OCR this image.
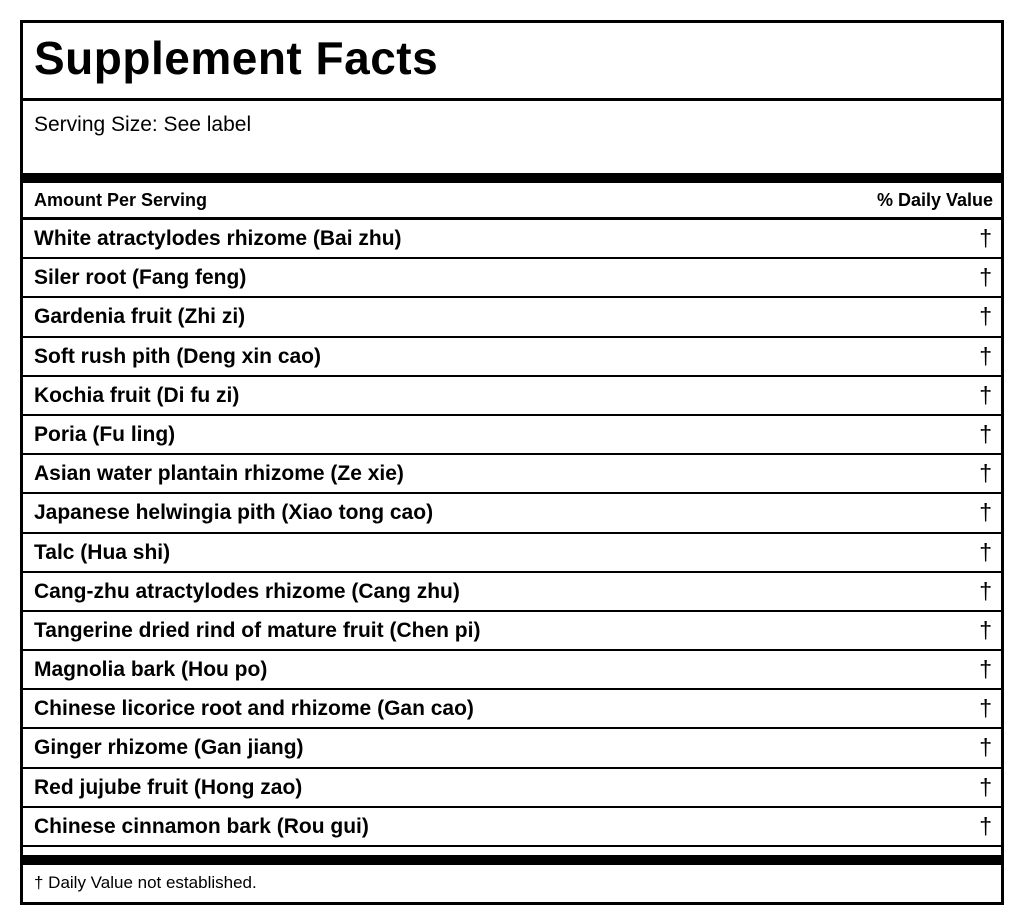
Supplement Facts
Serving Size: See label
Amount Per Serving	% Daily Value
White atractylodes rhizome (Bai zhu)	†
Siler root (Fang feng)	†
Gardenia fruit (Zhi zi)	†
Soft rush pith (Deng xin cao)	†
Kochia fruit (Di fu zi)	†
Poria (Fu ling)	†
Asian water plantain rhizome (Ze xie)	†
Japanese helwingia pith (Xiao tong cao)	†
Talc (Hua shi)	†
Cang-zhu atractylodes rhizome (Cang zhu)	†
Tangerine dried rind of mature fruit (Chen pi)	†
Magnolia bark (Hou po)	†
Chinese licorice root and rhizome (Gan cao)	†
Ginger rhizome (Gan jiang)	†
Red jujube fruit (Hong zao)	†
Chinese cinnamon bark (Rou gui)	†
† Daily Value not established.
